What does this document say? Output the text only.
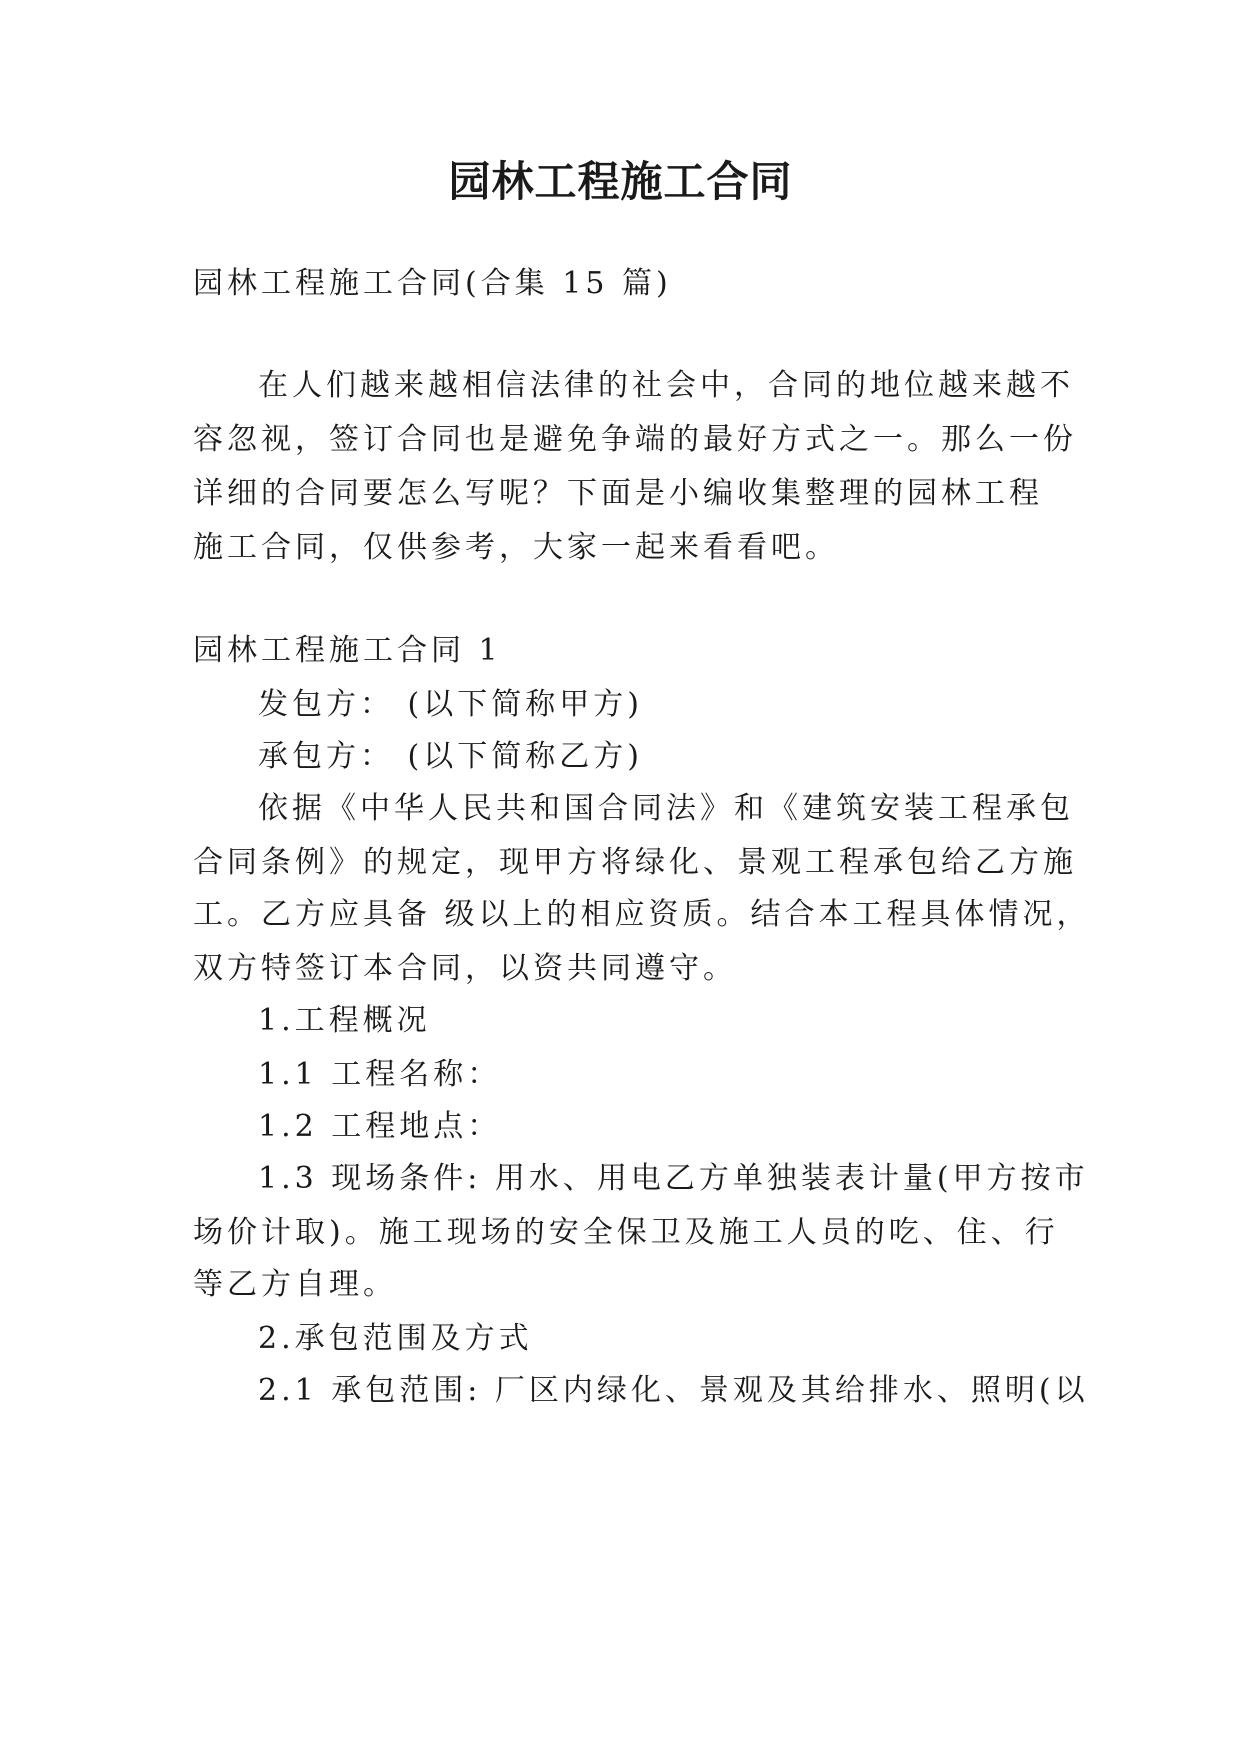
园林工程施工合同
园林工程施工合同(合集 15 篇)
在人们越来越相信法律的社会中，合同的地位越来越不
容忽视，签订合同也是避免争端的最好方式之一。那么一份
详细的合同要怎么写呢？下面是小编收集整理的园林工程
施工合同，仅供参考，大家一起来看看吧。
园林工程施工合同 1
发包方： (以下简称甲方)
承包方： (以下简称乙方)
依据《中华人民共和国合同法》和《建筑安装工程承包
合同条例》的规定，现甲方将绿化、景观工程承包给乙方施
工。乙方应具备 级以上的相应资质。结合本工程具体情况，
双方特签订本合同，以资共同遵守。
1.工程概况
1.1 工程名称：
1.2 工程地点：
1.3 现场条件: 用水、用电乙方单独装表计量(甲方按市
场价计取)。施工现场的安全保卫及施工人员的吃、住、行
等乙方自理。
2.承包范围及方式
2.1 承包范围: 厂区内绿化、景观及其给排水、照明(以
